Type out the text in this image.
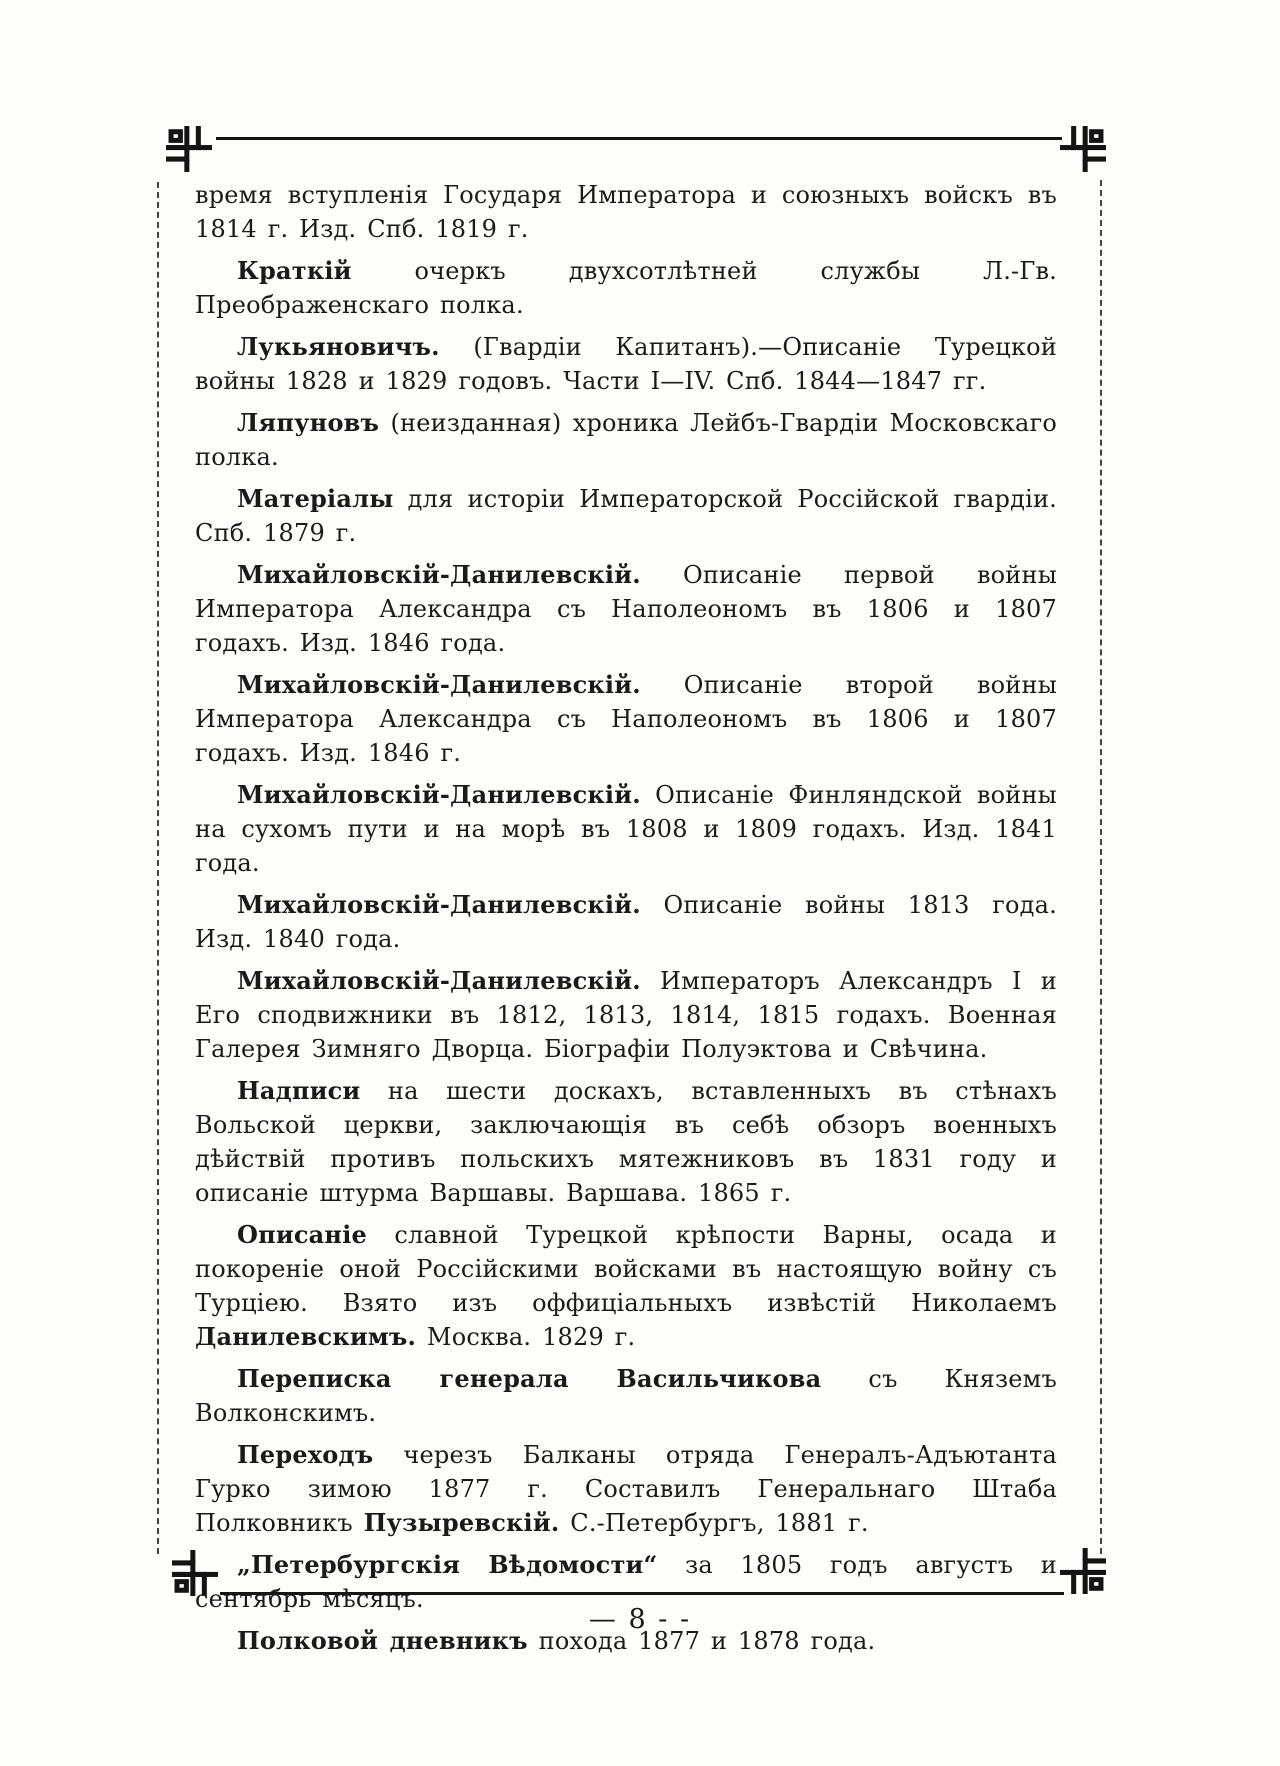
время вступленія Государя Императора и союзныхъ войскъ въ 1814 г. Изд. Спб. 1819 г.

Краткій очеркъ двухсотлѣтней службы Л.-Гв. Преображенскаго полка.

Лукьяновичъ. (Гвардіи Капитанъ).—Описаніе Турецкой войны 1828 и 1829 годовъ. Части I—IV. Спб. 1844—1847 гг.

Ляпуновъ (неизданная) хроника Лейбъ-Гвардіи Московскаго полка.

Матеріалы для исторіи Императорской Россійской гвардіи. Спб. 1879 г.

Михайловскій-Данилевскій. Описаніе первой войны Императора Александра съ Наполеономъ въ 1806 и 1807 годахъ. Изд. 1846 года.

Михайловскій-Данилевскій. Описаніе второй войны Императора Александра съ Наполеономъ въ 1806 и 1807 годахъ. Изд. 1846 г.

Михайловскій-Данилевскій. Описаніе Финляндской войны на сухомъ пути и на морѣ въ 1808 и 1809 годахъ. Изд. 1841 года.

Михайловскій-Данилевскій. Описаніе войны 1813 года. Изд. 1840 года.

Михайловскій-Данилевскій. Императоръ Александръ I и Его сподвижники въ 1812, 1813, 1814, 1815 годахъ. Военная Галерея Зимняго Дворца. Біографіи Полуэктова и Свѣчина.

Надписи на шести доскахъ, вставленныхъ въ стѣнахъ Вольской церкви, заключающія въ себѣ обзоръ военныхъ дѣйствій противъ польскихъ мятежниковъ въ 1831 году и описаніе штурма Варшавы. Варшава. 1865 г.

Описаніе славной Турецкой крѣпости Варны, осада и покореніе оной Россійскими войсками въ настоящую войну съ Турціею. Взято изъ оффиціальныхъ извѣстій Николаемъ Данилевскимъ. Москва. 1829 г.

Переписка генерала Васильчикова съ Княземъ Волконскимъ.

Переходъ черезъ Балканы отряда Генералъ-Адъютанта Гурко зимою 1877 г. Составилъ Генеральнаго Штаба Полковникъ Пузыревскій. С.-Петербургъ, 1881 г.

„Петербургскія Вѣдомости“ за 1805 годъ августъ и сентябрь мѣсяцъ.

Полковой дневникъ похода 1877 и 1878 года.

— 8 - -
